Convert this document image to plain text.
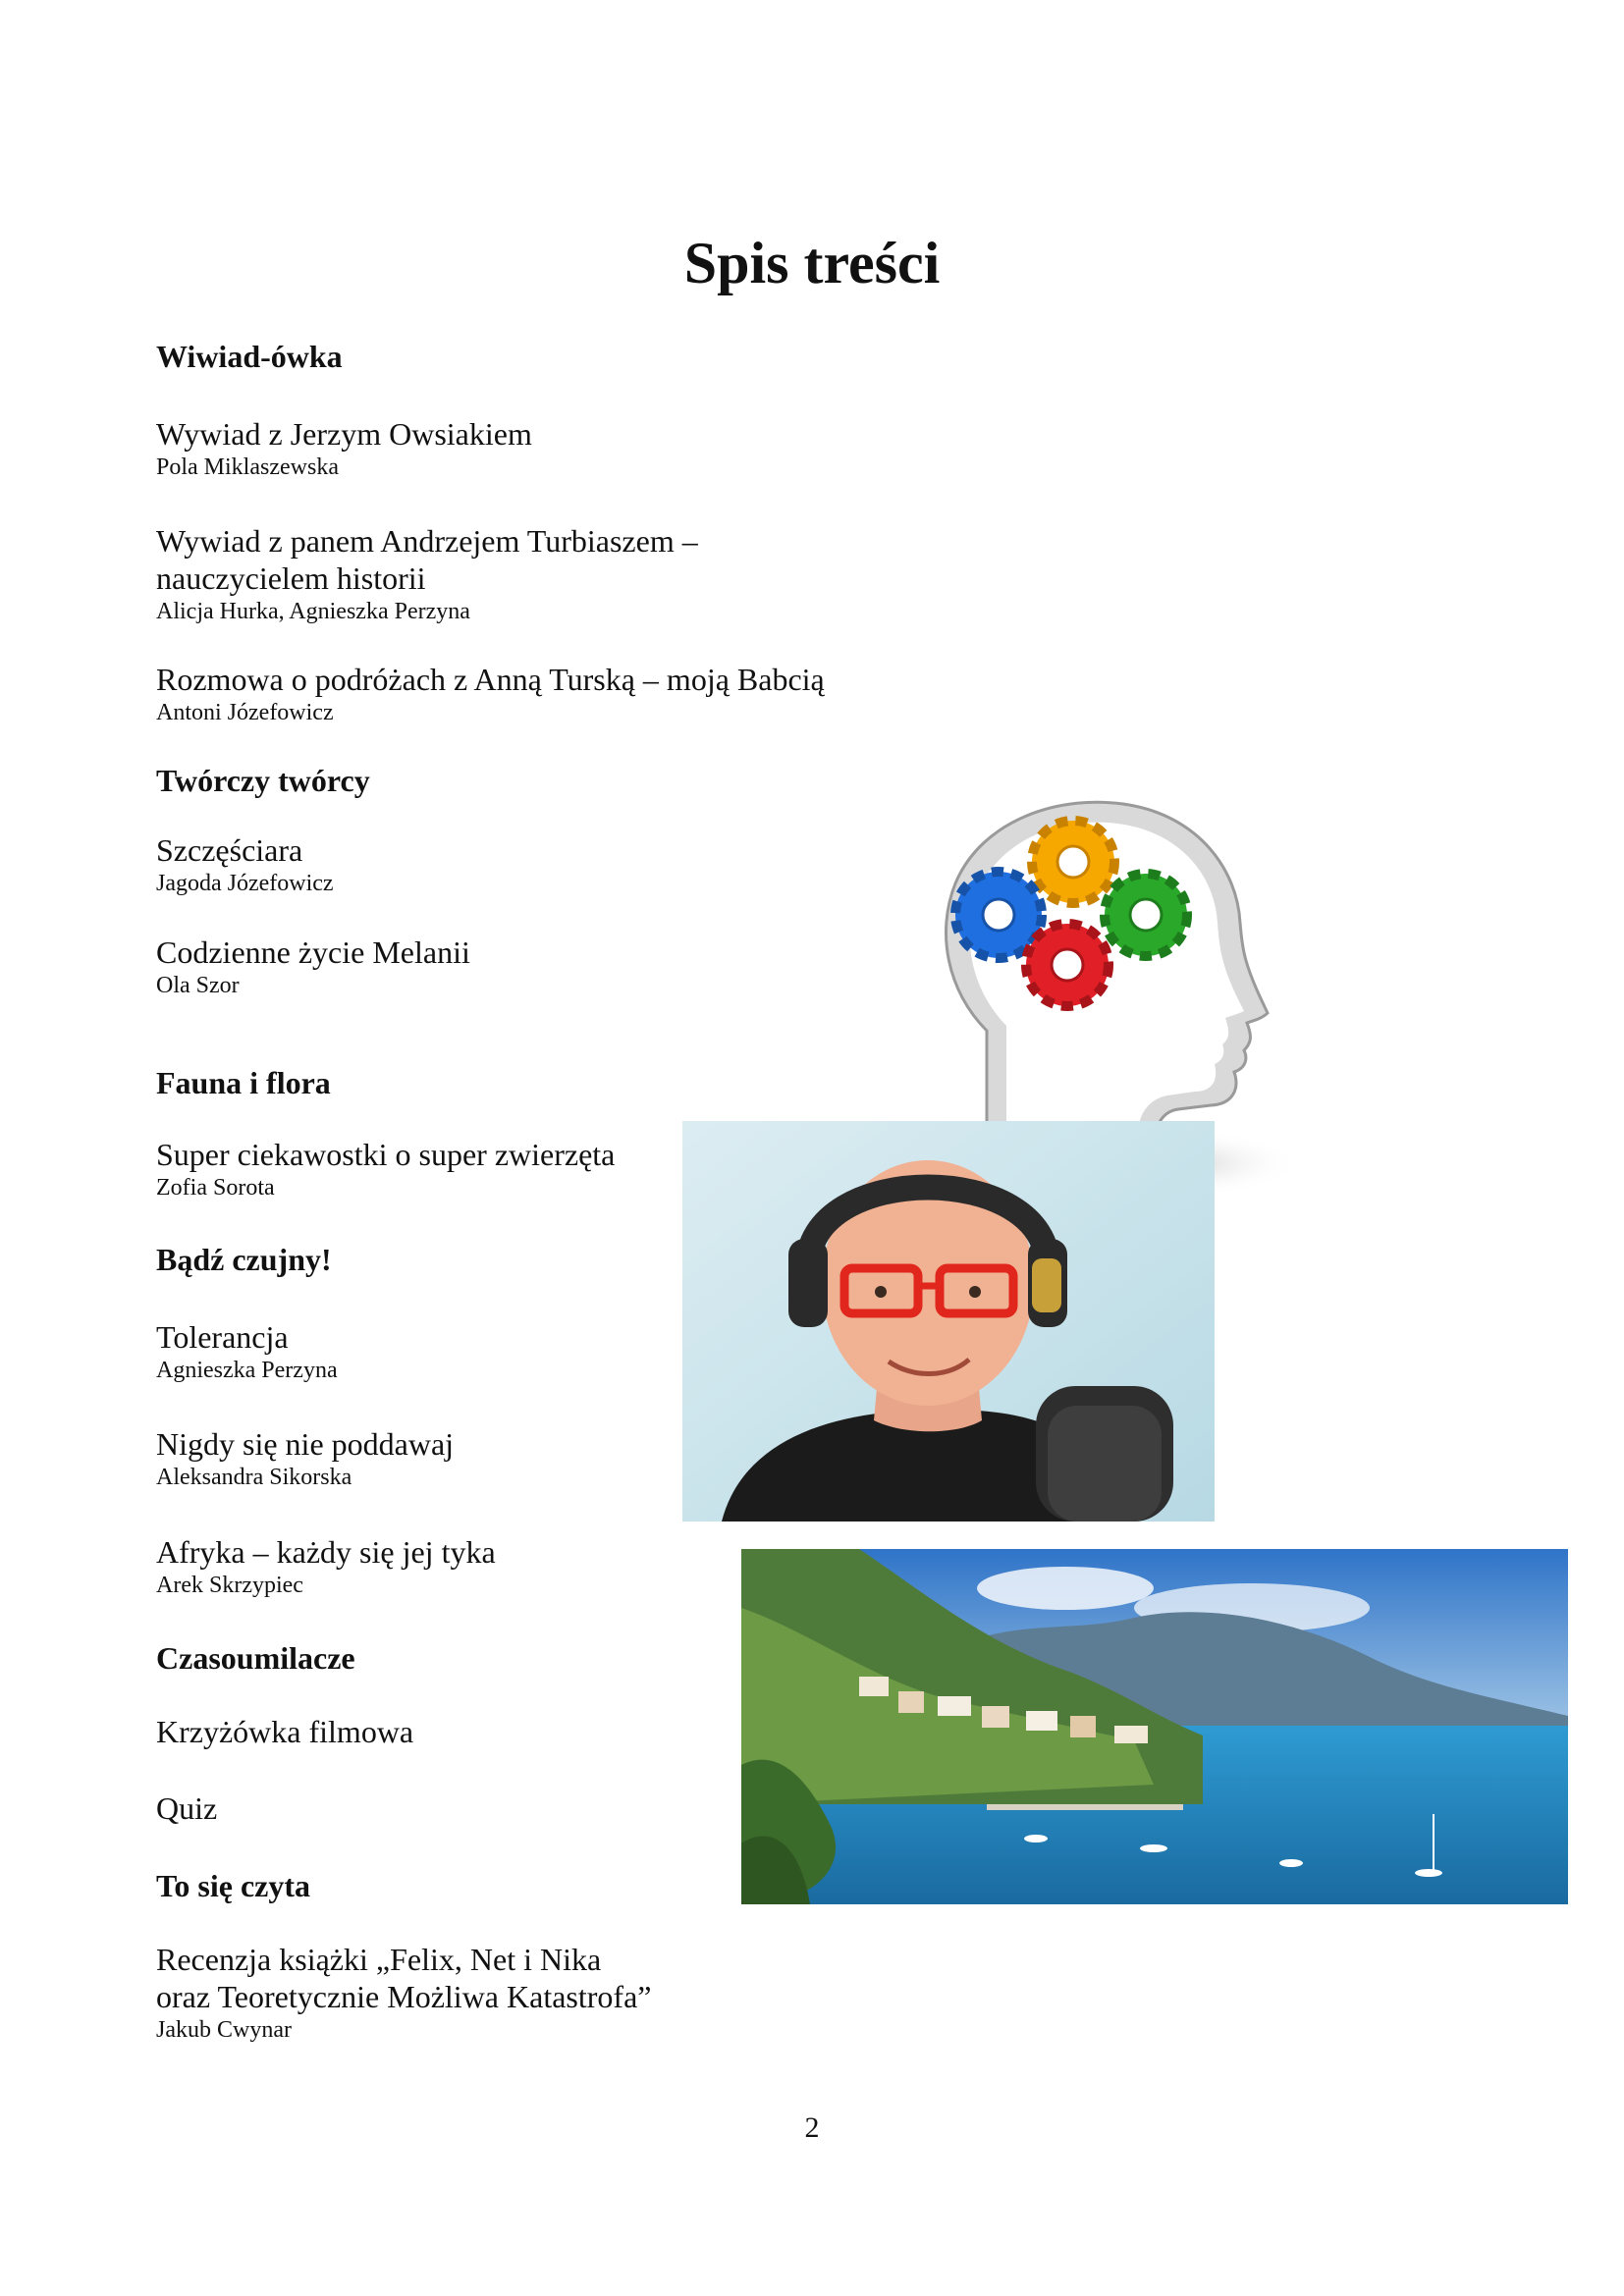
Spis treści
Wiwiad-ówka
Wywiad z Jerzym Owsiakiem
Pola Miklaszewska
Wywiad z panem Andrzejem Turbiaszem –
nauczycielem historii
Alicja Hurka, Agnieszka Perzyna
Rozmowa o podróżach z Anną Turską – moją Babcią
Antoni Józefowicz
Twórczy twórcy
Szczęściara
Jagoda Józefowicz
Codzienne życie Melanii
Ola Szor
Fauna i flora
Super ciekawostki o super zwierzęta
Zofia Sorota
Bądź czujny!
Tolerancja
Agnieszka Perzyna
Nigdy się nie poddawaj
Aleksandra Sikorska
Afryka – każdy się jej tyka
Arek Skrzypiec
Czasoumilacze
Krzyżówka filmowa
Quiz
To się czyta
Recenzja książki „Felix, Net i Nika
oraz Teoretycznie Możliwa Katastrofa”
Jakub Cwynar
2
